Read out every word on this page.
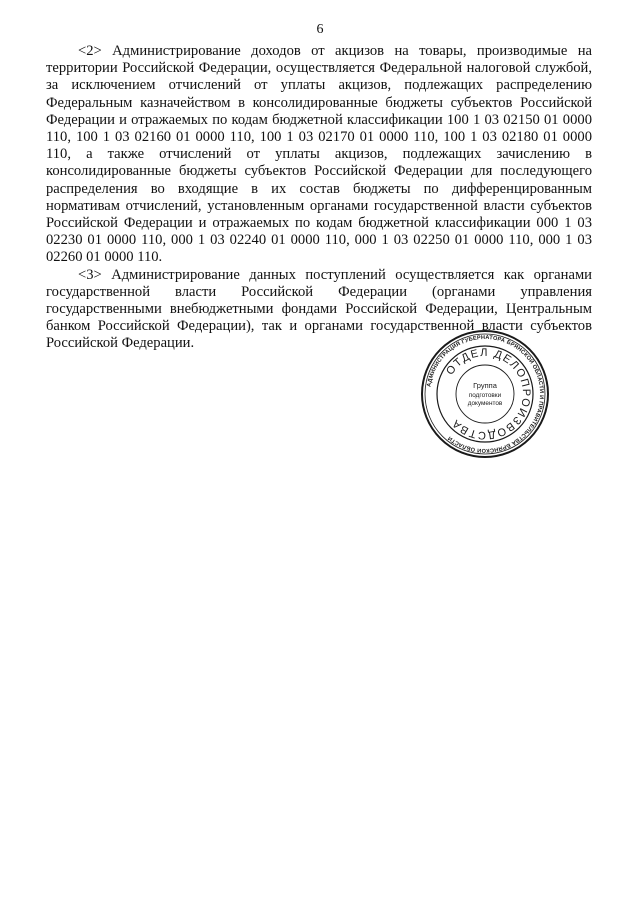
6

<2> Администрирование доходов от акцизов на товары, производимые на территории Российской Федерации, осуществляется Федеральной налоговой службой, за исключением отчислений от уплаты акцизов, подлежащих распределению Федеральным казначейством в консолидированные бюджеты субъектов Российской Федерации и отражаемых по кодам бюджетной классификации 100 1 03 02150 01 0000 110, 100 1 03 02160 01 0000 110, 100 1 03 02170 01 0000 110, 100 1 03 02180 01 0000 110, а также отчислений от уплаты акцизов, подлежащих зачислению в консолидированные бюджеты субъектов Российской Федерации для последующего распределения во входящие в их состав бюджеты по дифференцированным нормативам отчислений, установленным органами государственной власти субъектов Российской Федерации и отражаемых по кодам бюджетной классификации 000 1 03 02230 01 0000 110, 000 1 03 02240 01 0000 110, 000 1 03 02250 01 0000 110, 000 1 03 02260 01 0000 110.

<3> Администрирование данных поступлений осуществляется как органами государственной власти Российской Федерации (органами управления государственными внебюджетными фондами Российской Федерации, Центральным банком Российской Федерации), так и органами государственной власти субъектов Российской Федерации.

АДМИНИСТРАЦИЯ ГУБЕРНАТОРА БРЯНСКОЙ ОБЛАСТИ И ПРАВИТЕЛЬСТВА БРЯНСКОЙ ОБЛАСТИ
ОТДЕЛ ДЕЛОПРОИЗВОДСТВА
Группа
подготовки
документов
